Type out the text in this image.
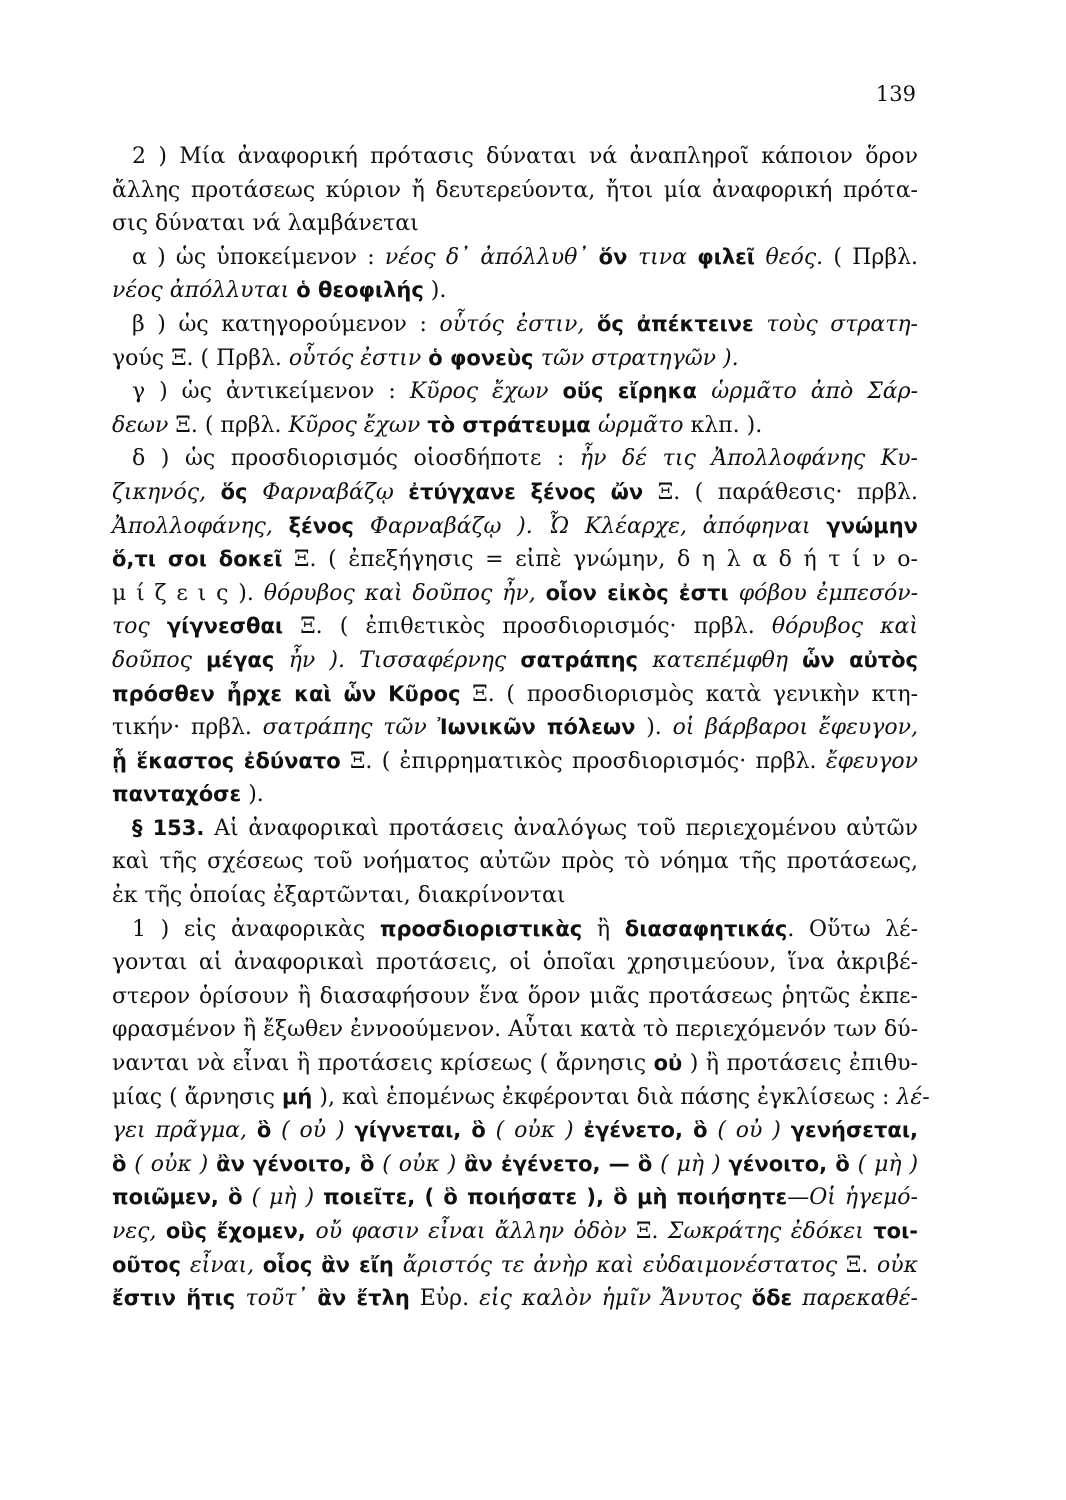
139
2 ) Μία ἀναφορική πρότασις δύναται νά ἀναπληροῖ κάποιον ὅρον
ἄλλης προτάσεως κύριον ἤ δευτερεύοντα, ἤτοι μία ἀναφορική πρότα-
σις δύναται νά λαμβάνεται
α ) ὡς ὑποκείμενον : νέος δ᾽ ἀπόλλυθ᾽ ὅν τινα φιλεῖ θεός. ( Πρβλ.
νέος ἀπόλλυται ὁ θεοφιλής ).
β ) ὡς κατηγορούμενον : οὗτός ἐστιν, ὅς ἀπέκτεινε τοὺς στρατη-
γούς Ξ. ( Πρβλ. οὗτός ἐστιν ὁ φονεὺς τῶν στρατηγῶν ).
γ ) ὡς ἀντικείμενον : Κῦρος ἔχων οὕς εἴρηκα ὡρμᾶτο ἀπὸ Σάρ-
δεων Ξ. ( πρβλ. Κῦρος ἔχων τὸ στράτευμα ὡρμᾶτο κλπ. ).
δ ) ὡς προσδιορισμός οἱοσδήποτε : ἦν δέ τις Ἀπολλοφάνης Κυ-
ζικηνός, ὅς Φαρναβάζῳ ἐτύγχανε ξένος ὤν Ξ. ( παράθεσις· πρβλ.
Ἀπολλοφάνης, ξένος Φαρναβάζῳ ). Ὦ Κλέαρχε, ἀπόφηναι γνώμην
ὅ,τι σοι δοκεῖ Ξ. ( ἐπεξήγησις = εἰπὲ γνώμην, δ η λ α δ ή τ ί ν ο-
μ ί ζ ε ι ς ). θόρυβος καὶ δοῦπος ἦν, οἷον εἰκὸς ἐστι φόβου ἐμπεσόν-
τος γίγνεσθαι Ξ. ( ἐπιθετικὸς προσδιορισμός· πρβλ. θόρυβος καὶ
δοῦπος μέγας ἦν ). Τισσαφέρνης σατράπης κατεπέμφθη ὧν αὐτὸς
πρόσθεν ἦρχε καὶ ὧν Κῦρος Ξ. ( προσδιορισμὸς κατὰ γενικὴν κτη-
τικήν· πρβλ. σατράπης τῶν Ἰωνικῶν πόλεων ). οἱ βάρβαροι ἔφευγον,
ᾗ ἕκαστος ἐδύνατο Ξ. ( ἐπιρρηματικὸς προσδιορισμός· πρβλ. ἔφευγον
πανταχόσε ).
§ 153. Αἱ ἀναφορικαὶ προτάσεις ἀναλόγως τοῦ περιεχομένου αὐτῶν
καὶ τῆς σχέσεως τοῦ νοήματος αὐτῶν πρὸς τὸ νόημα τῆς προτάσεως,
ἐκ τῆς ὁποίας ἐξαρτῶνται, διακρίνονται
1 ) εἰς ἀναφορικὰς προσδιοριστικὰς ἢ διασαφητικάς. Οὕτω λέ-
γονται αἱ ἀναφορικαὶ προτάσεις, οἱ ὁποῖαι χρησιμεύουν, ἵνα ἀκριβέ-
στερον ὁρίσουν ἢ διασαφήσουν ἕνα ὅρον μιᾶς προτάσεως ῥητῶς ἐκπε-
φρασμένον ἢ ἔξωθεν ἐννοούμενον. Αὗται κατὰ τὸ περιεχόμενόν των δύ-
νανται νὰ εἶναι ἢ προτάσεις κρίσεως ( ἄρνησις οὐ ) ἢ προτάσεις ἐπιθυ-
μίας ( ἄρνησις μή ), καὶ ἑπομένως ἐκφέρονται διὰ πάσης ἐγκλίσεως : λέ-
γει πρᾶγμα, ὃ ( οὐ ) γίγνεται, ὃ ( οὐκ ) ἐγένετο, ὃ ( οὐ ) γενήσεται,
ὃ ( οὐκ ) ἂν γένοιτο, ὃ ( οὐκ ) ἂν ἐγένετο, — ὃ ( μὴ ) γένοιτο, ὃ ( μὴ )
ποιῶμεν, ὃ ( μὴ ) ποιεῖτε, ( ὃ ποιήσατε ), ὃ μὴ ποιήσητε—Οἱ ἡγεμό-
νες, οὓς ἔχομεν, οὔ φασιν εἶναι ἄλλην ὁδὸν Ξ. Σωκράτης ἐδόκει τοι-
οῦτος εἶναι, οἷος ἂν εἴη ἄριστός τε ἀνὴρ καὶ εὐδαιμονέστατος Ξ. οὐκ
ἔστιν ἥτις τοῦτ᾽ ἂν ἔτλη Εὐρ. εἰς καλὸν ἡμῖν Ἄνυτος ὅδε παρεκαθέ-
